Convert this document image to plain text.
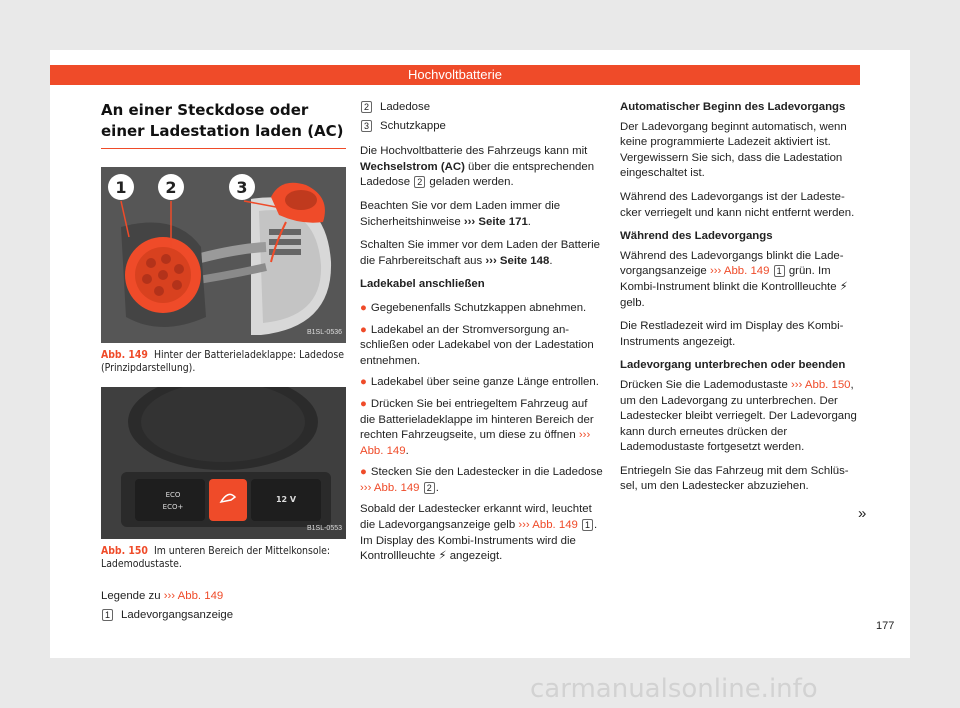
Hochvoltbatterie
An einer Steckdose oder einer Ladestation laden (AC)
1 2	3
B1SL-0536
Abb. 149 Hinter der Batterieladeklappe: Ladedose (Prinzipdarstellung).
ECO
ECO+
12 V
B1SL-0553
Abb. 150 Im unteren Bereich der Mittelkonsole: Lademodustaste.
Legende zu ››› Abb. 149
1 Ladevorgangsanzeige
2 Ladedose
3 Schutzkappe
Die Hochvoltbatterie des Fahrzeugs kann mit Wechselstrom (AC) über die entsprechenden Ladedose 2 geladen werden.
Beachten Sie vor dem Laden immer die Sicherheitshinweise ››› Seite 171.
Schalten Sie immer vor dem Laden der Batterie die Fahrbereitschaft aus ››› Seite 148.
Ladekabel anschließen
● Gegebenenfalls Schutzkappen abnehmen.
● Ladekabel an der Stromversorgung anschließen oder Ladekabel von der Ladestation entnehmen.
● Ladekabel über seine ganze Länge entrollen.
● Drücken Sie bei entriegeltem Fahrzeug auf die Batterieladeklappe im hinteren Bereich der rechten Fahrzeugseite, um diese zu öffnen ››› Abb. 149.
● Stecken Sie den Ladestecker in die Ladedose ››› Abb. 149 2 .
Sobald der Ladestecker erkannt wird, leuchtet die Ladevorgangsanzeige gelb ››› Abb. 149 1 . Im Display des Kombi-Instruments wird die Kontrollleuchte ⚡ angezeigt.
Automatischer Beginn des Ladevorgangs
Der Ladevorgang beginnt automatisch, wenn keine programmierte Ladezeit aktiviert ist. Vergewissern Sie sich, dass die Ladestation eingeschaltet ist.
Während des Ladevorgangs ist der Ladestecker verriegelt und kann nicht entfernt werden.
Während des Ladevorgangs
Während des Ladevorgangs blinkt die Ladevorgangsanzeige ››› Abb. 149 1 grün. Im Kombi-Instrument blinkt die Kontrollleuchte ⚡ gelb.
Die Restladezeit wird im Display des Kombi-Instruments angezeigt.
Ladevorgang unterbrechen oder beenden
Drücken Sie die Lademodustaste ››› Abb. 150, um den Ladevorgang zu unterbrechen. Der Ladestecker bleibt verriegelt. Der Ladevorgang kann durch erneutes drücken der Lademodustaste fortgesetzt werden.
Entriegeln Sie das Fahrzeug mit dem Schlüssel, um den Ladestecker abzuziehen.
»
177
carmanualsonline.info
